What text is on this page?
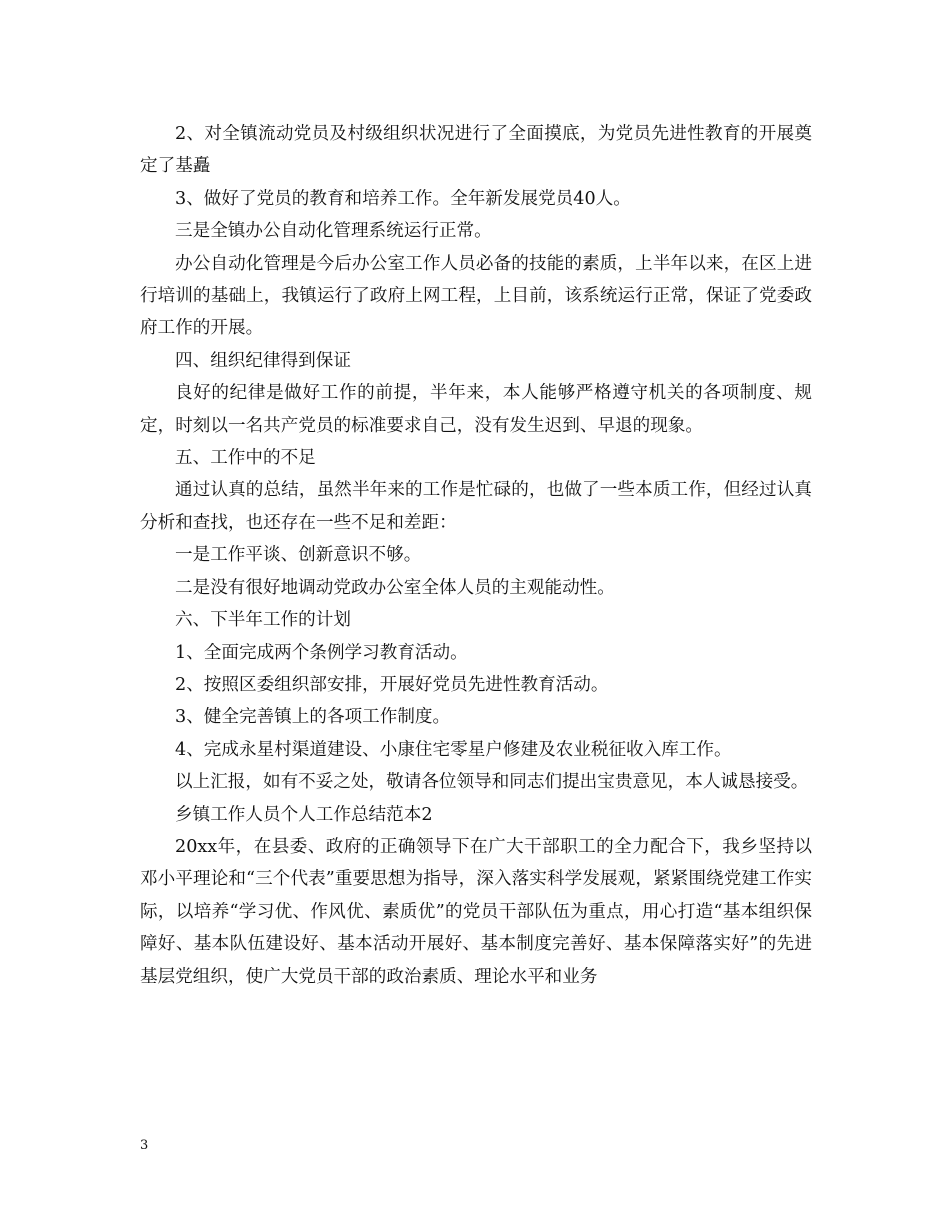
2、对全镇流动党员及村级组织状况进行了全面摸底，为党员先进性教育的开展奠定了基矗

3、做好了党员的教育和培养工作。全年新发展党员40人。

三是全镇办公自动化管理系统运行正常。

办公自动化管理是今后办公室工作人员必备的技能的素质，上半年以来，在区上进行培训的基础上，我镇运行了政府上网工程，上目前，该系统运行正常，保证了党委政府工作的开展。

四、组织纪律得到保证

良好的纪律是做好工作的前提，半年来，本人能够严格遵守机关的各项制度、规定，时刻以一名共产党员的标准要求自己，没有发生迟到、早退的现象。

五、工作中的不足

通过认真的总结，虽然半年来的工作是忙碌的，也做了一些本质工作，但经过认真分析和查找，也还存在一些不足和差距：

一是工作平谈、创新意识不够。

二是没有很好地调动党政办公室全体人员的主观能动性。

六、下半年工作的计划

1、全面完成两个条例学习教育活动。

2、按照区委组织部安排，开展好党员先进性教育活动。

3、健全完善镇上的各项工作制度。

4、完成永星村渠道建设、小康住宅零星户修建及农业税征收入库工作。

以上汇报，如有不妥之处，敬请各位领导和同志们提出宝贵意见，本人诚恳接受。

乡镇工作人员个人工作总结范本2

20xx年，在县委、政府的正确领导下在广大干部职工的全力配合下，我乡坚持以邓小平理论和“三个代表”重要思想为指导，深入落实科学发展观，紧紧围绕党建工作实际，以培养“学习优、作风优、素质优”的党员干部队伍为重点，用心打造“基本组织保障好、基本队伍建设好、基本活动开展好、基本制度完善好、基本保障落实好”的先进基层党组织，使广大党员干部的政治素质、理论水平和业务

3
